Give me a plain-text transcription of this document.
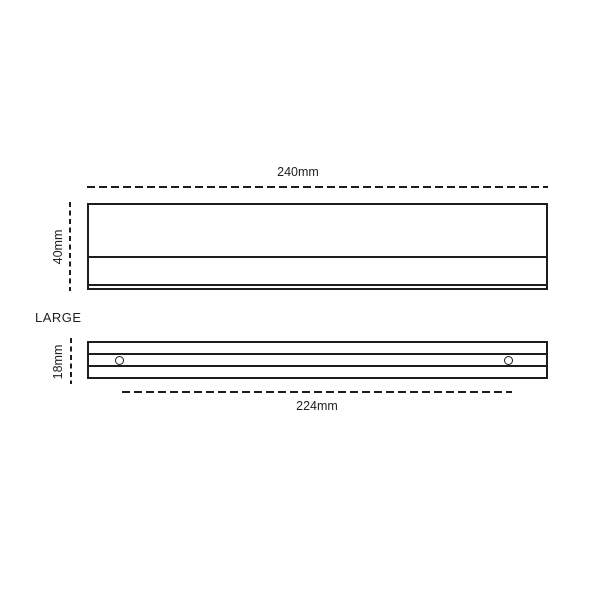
240mm
40mm
LARGE
18mm
224mm
